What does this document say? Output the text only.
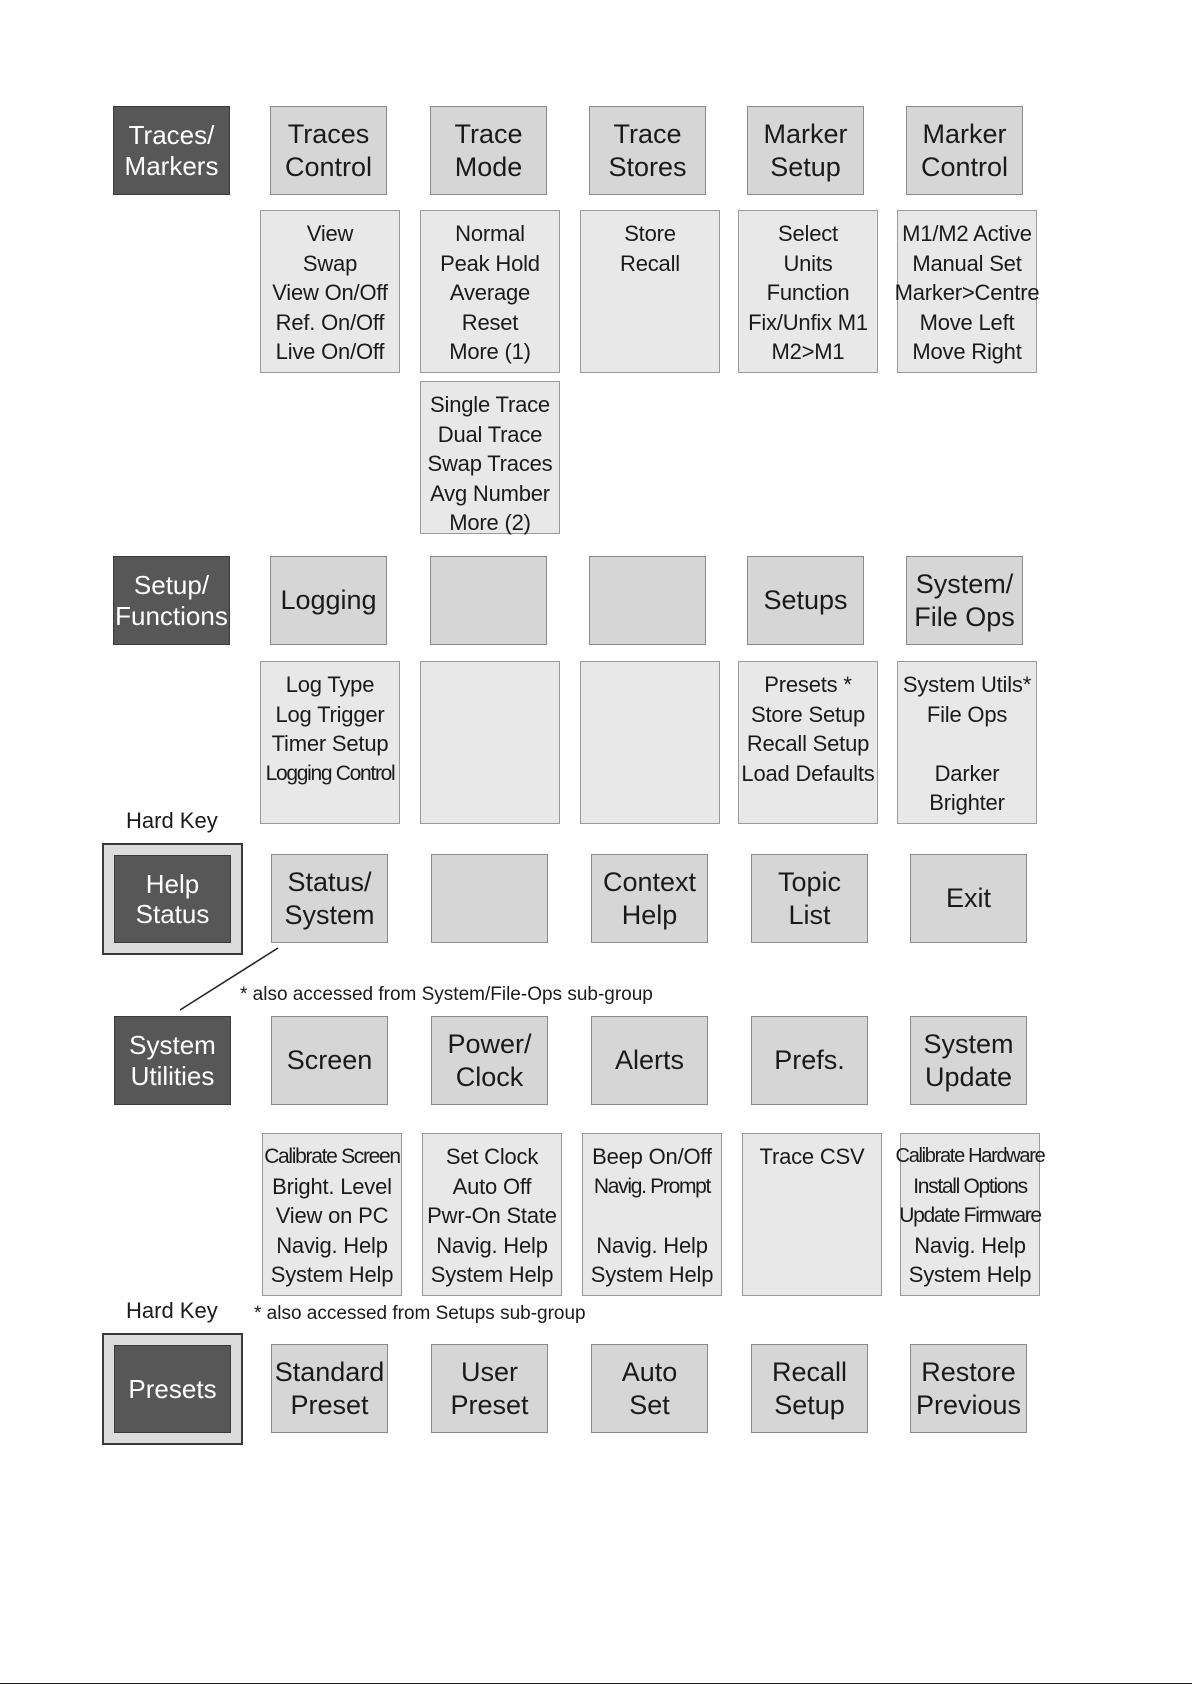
Traces/
Markers
Traces
Control
Trace
Mode
Trace
Stores
Marker
Setup
Marker
Control
View
Swap
View On/Off
Ref. On/Off
Live On/Off
Normal
Peak Hold
Average
Reset
More (1)
Store
Recall
Select
Units
Function
Fix/Unfix M1
M2>M1
M1/M2 Active
Manual Set
Marker>Centre
Move Left
Move Right
Single Trace
Dual Trace
Swap Traces
Avg Number
More (2)
Setup/
Functions
Logging	Setups
System/
File Ops
Log Type
Log Trigger
Timer Setup
Logging Control
Presets *
Store Setup
Recall Setup
Load Defaults
System Utils*
File Ops
Darker
Brighter
Hard Key
Help
Status
Status/
System
Context
Help
Topic
List
Exit
* also accessed from System/File-Ops sub-group
System
Utilities
Screen
Power/
Clock
Alerts	Prefs.
System
Update
Calibrate Screen
Bright. Level
View on PC
Navig. Help
System Help
Set Clock
Auto Off
Pwr-On State
Navig. Help
System Help
Beep On/Off
Navig. Prompt
Navig. Help
System Help
Trace CSV Calibrate Hardware
Install Options
Update Firmware
Navig. Help
System Help
Hard Key * also accessed from Setups sub-group
Presets
Standard
Preset
User
Preset
Auto
Set
Recall
Setup
Restore
Previous
